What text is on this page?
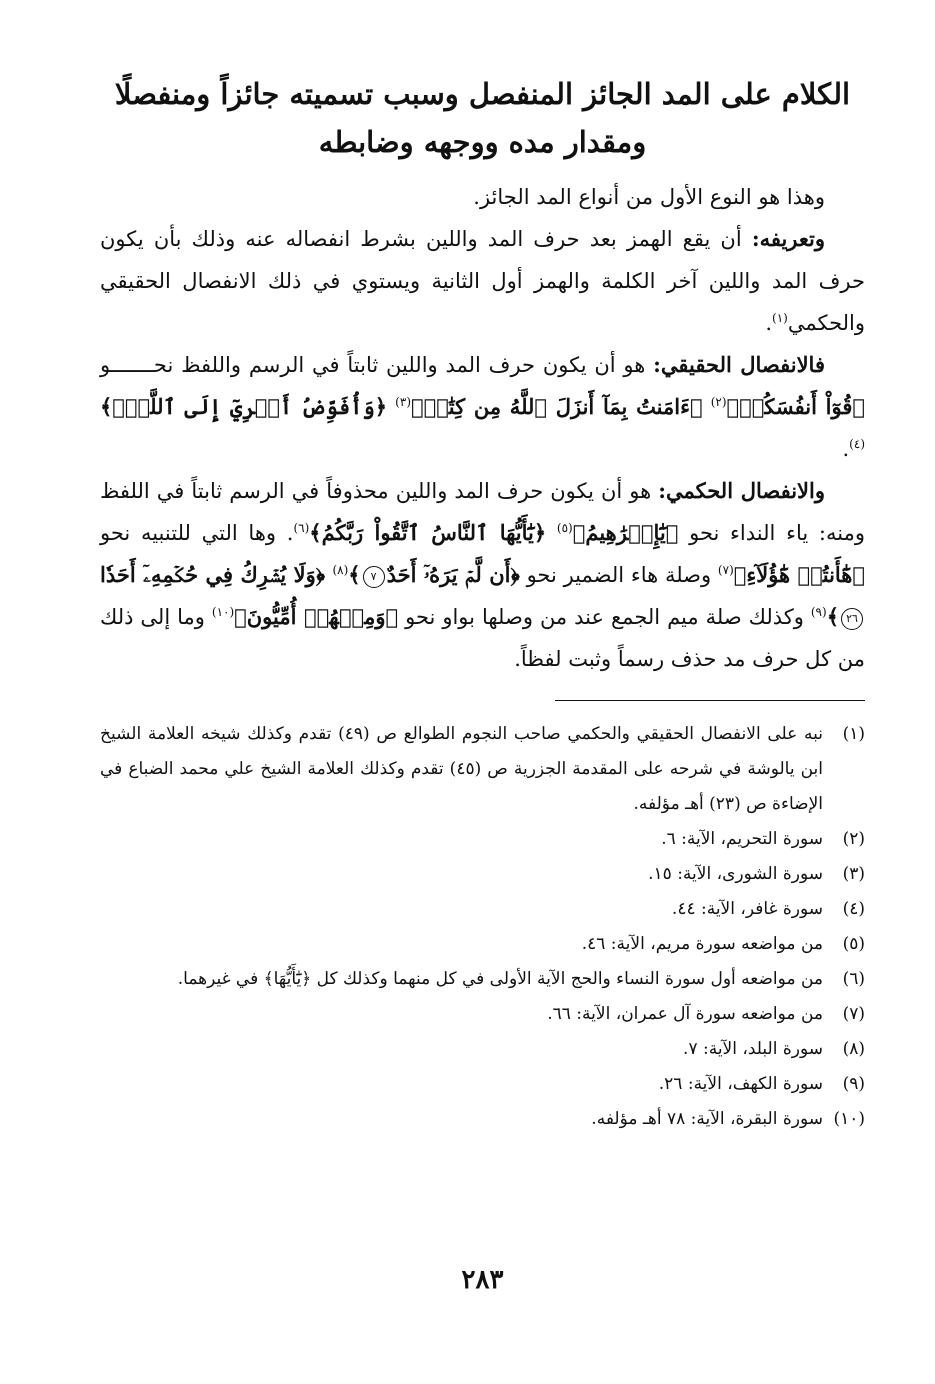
الكلام على المد الجائز المنفصل وسبب تسميته جائزاً ومنفصلًا
ومقدار مده ووجهه وضابطه

وهذا هو النوع الأول من أنواع المد الجائز.

وتعريفه: أن يقع الهمز بعد حرف المد واللين بشرط انفصاله عنه وذلك بأن يكون حرف المد واللين آخر الكلمة والهمز أول الثانية ويستوي في ذلك الانفصال الحقيقي والحكمي$^{(١)}$.

فالانفصال الحقيقي: هو أن يكون حرف المد واللين ثابتاً في الرسم واللفظ نحـــــــو ﴿قُوٓاْ أَنفُسَكُمۡ﴾$^{(٢)}$ ﴿ءَامَنتُ بِمَآ أَنزَلَ ٱللَّهُ مِن كِتَٰبٖ﴾$^{(٣)}$ ﴿وَأُفَوِّضُ أَمۡرِيٓ إِلَى ٱللَّهِۚ﴾$^{(٤)}$.

والانفصال الحكمي: هو أن يكون حرف المد واللين محذوفاً في الرسم ثابتاً في اللفظ ومنه: ياء النداء نحو ﴿يَٰٓإِبۡرَٰهِيمُ﴾$^{(٥)}$ ﴿يَٰٓأَيُّهَا ٱلنَّاسُ ٱتَّقُواْ رَبَّكُمُ﴾$^{(٦)}$. وها التي للتنبيه نحو ﴿هَٰٓأَنتُمۡ هَٰٓؤُلَآءِ﴾$^{(٧)}$ وصلة هاء الضمير نحو ﴿أَن لَّمۡ يَرَهُۥٓ أَحَدٌ٧﴾$^{(٨)}$ ﴿وَلَا يُشۡرِكُ فِي حُكۡمِهِۦٓ أَحَدٗا٢٦﴾$^{(٩)}$ وكذلك صلة ميم الجمع عند من وصلها بواو نحو ﴿وَمِنۡهُمۡ أُمِّيُّونَ﴾$^{(١٠)}$ وما إلى ذلك من كل حرف مد حذف رسماً وثبت لفظاً.

(١)
نبه على الانفصال الحقيقي والحكمي صاحب النجوم الطوالع ص (٤٩) تقدم وكذلك شيخه العلامة الشيخ ابن يالوشة في شرحه على المقدمة الجزرية ص (٤٥) تقدم وكذلك العلامة الشيخ علي محمد الضباع في الإضاءة ص (٢٣) أهـ مؤلفه.
(٢)
سورة التحريم، الآية: ٦.
(٣)
سورة الشورى، الآية: ١٥.
(٤)
سورة غافر، الآية: ٤٤.
(٥)
من مواضعه سورة مريم، الآية: ٤٦.
(٦)
من مواضعه أول سورة النساء والحج الآية الأولى في كل منهما وكذلك كل ﴿يَٰٓأَيُّهَا﴾ في غيرهما.
(٧)
من مواضعه سورة آل عمران، الآية: ٦٦.
(٨)
سورة البلد، الآية: ٧.
(٩)
سورة الكهف، الآية: ٢٦.
(١٠)
سورة البقرة، الآية: ٧٨ أهـ مؤلفه.
٢٨٣
